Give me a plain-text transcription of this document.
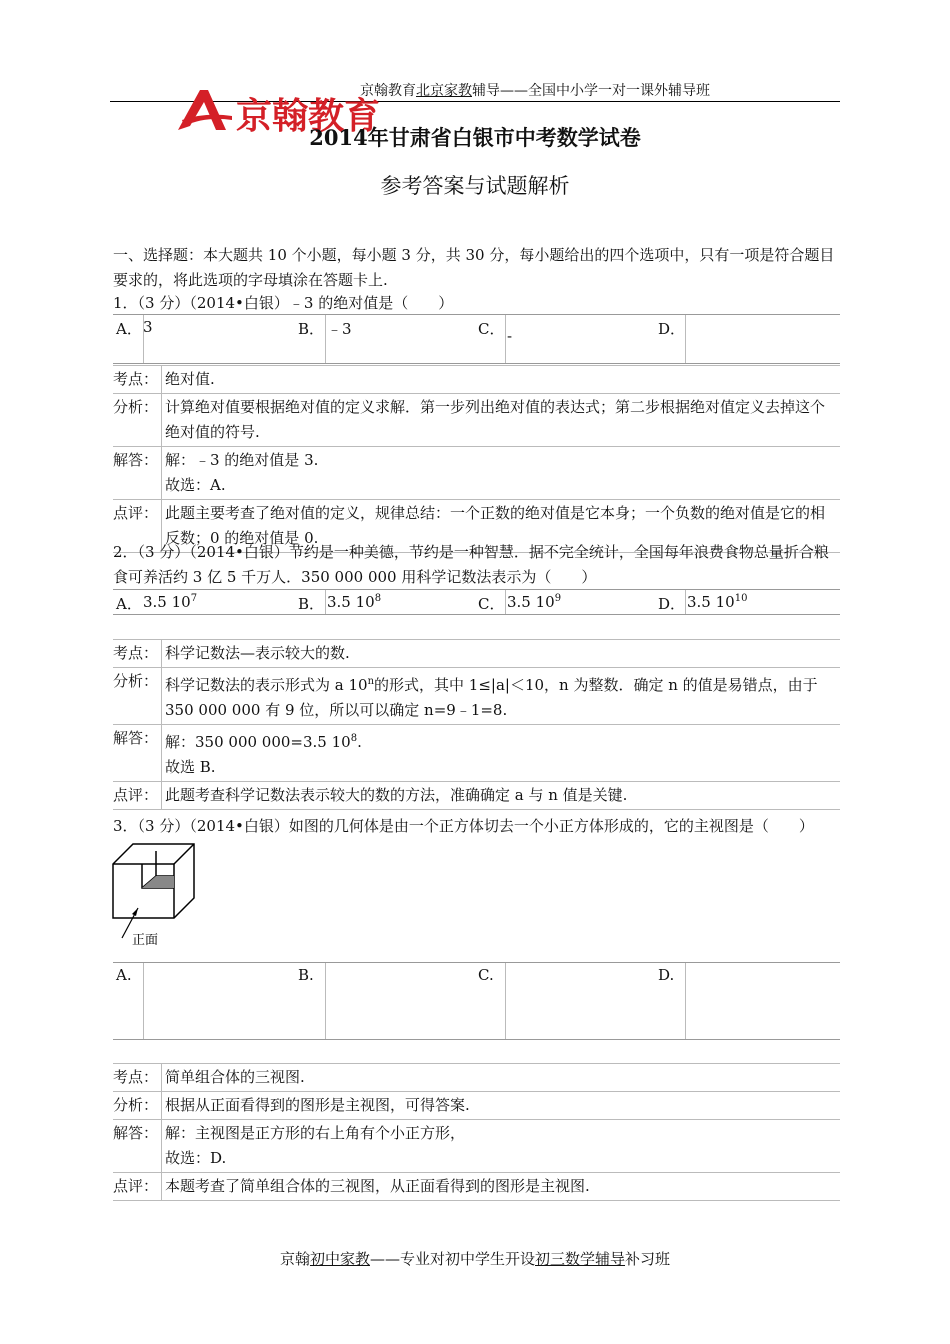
京翰教育北京家教辅导——全国中小学一对一课外辅导班
京翰教育
2014年甘肃省白银市中考数学试卷
参考答案与试题解析
一、选择题：本大题共 10 个小题，每小题 3 分，共 30 分，每小题给出的四个选项中，只有一项是符合题目要求的，将此选项的字母填涂在答题卡上.
1．（3 分）（2014•白银）﹣3 的绝对值是（　　）
A． 3	B． ﹣3	C． -	D．
考点： 绝对值.
分析： 计算绝对值要根据绝对值的定义求解．第一步列出绝对值的表达式；第二步根据绝对值定义去掉这个绝对值的符号.
解答： 解：﹣3 的绝对值是 3.
故选：A.
点评： 此题主要考查了绝对值的定义，规律总结：一个正数的绝对值是它本身；一个负数的绝对值是它的相反数；0 的绝对值是 0.
2．（3 分）（2014•白银）节约是一种美德，节约是一种智慧．据不完全统计，全国每年浪费食物总量折合粮食可养活约 3 亿 5 千万人．350 000 000 用科学记数法表示为（　　）
A． 3.5 $10^7$	B． 3.5 $10^8$	C． 3.5 $10^9$	D． 3.5 $10^{10}$
考点： 科学记数法—表示较大的数.
分析： 科学记数法的表示形式为 a 10$^n$的形式，其中 1≤|a|＜10，n 为整数．确定 n 的值是易错点，由于 350 000 000 有 9 位，所以可以确定 n=9﹣1=8.
解答： 解：350 000 000=3.5 $10^8$.
故选 B.
点评： 此题考查科学记数法表示较大的数的方法，准确确定 a 与 n 值是关键.
3．（3 分）（2014•白银）如图的几何体是由一个正方体切去一个小正方体形成的，它的主视图是（　　）
正面
A.	B.	C.	D.
考点： 简单组合体的三视图.
分析： 根据从正面看得到的图形是主视图，可得答案.
解答： 解：主视图是正方形的右上角有个小正方形，
故选：D.
点评： 本题考查了简单组合体的三视图，从正面看得到的图形是主视图.
京翰初中家教——专业对初中学生开设初三数学辅导补习班
